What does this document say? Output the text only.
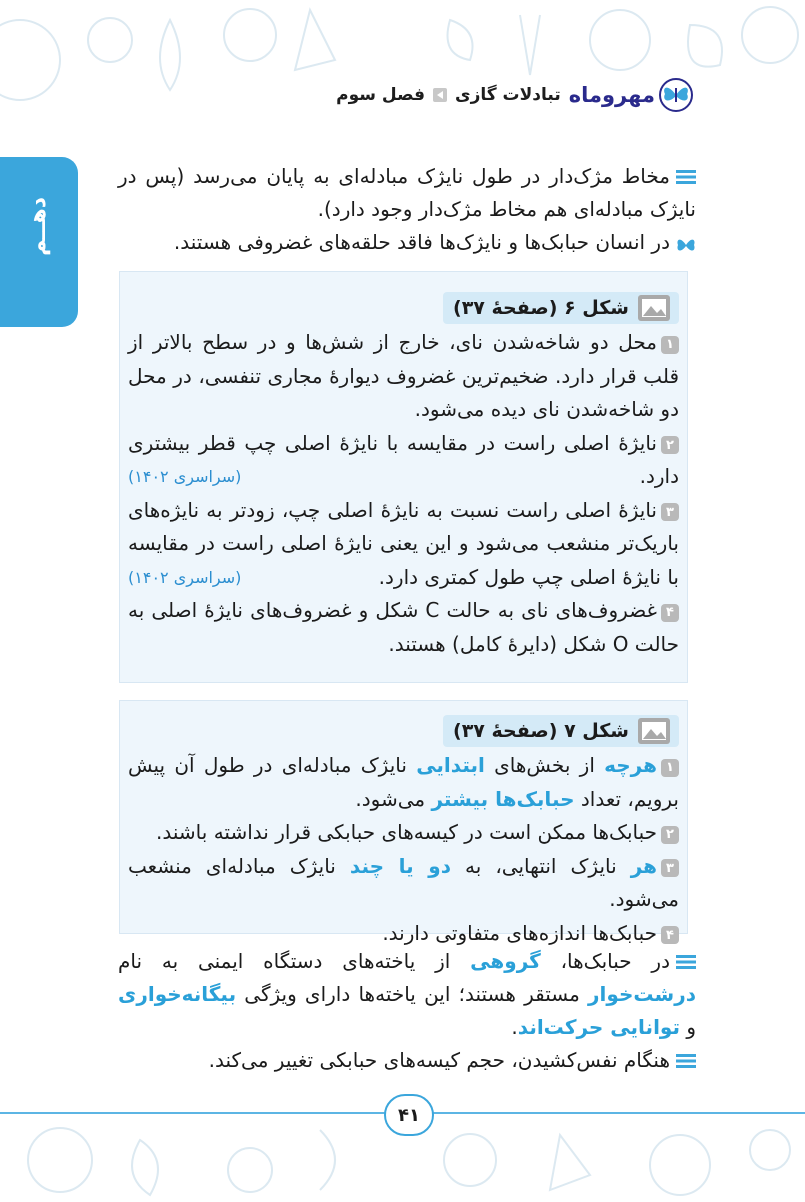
مهروماه
تبادلات گازی
فصل سوم
دهــم

مخاط مژک‌دار در طول نایژک مبادله‌ای به پایان می‌رسد (پس در نایژک مبادله‌ای هم مخاط مژک‌دار وجود دارد).

در انسان حبابک‌ها و نایژک‌ها فاقد حلقه‌های غضروفی هستند.

شکل ۶ (صفحهٔ ۳۷)
۱محل دو شاخه‌شدن نای، خارج از شش‌ها و در سطح بالاتر از قلب قرار دارد. ضخیم‌ترین غضروف دیوارهٔ مجاری تنفسی، در محل دو شاخه‌شدن نای دیده می‌شود.
۲نایژهٔ اصلی راست در مقایسه با نایژهٔ اصلی چپ قطر بیشتری دارد.
(سراسری ۱۴۰۲)
۳نایژهٔ اصلی راست نسبت به نایژهٔ اصلی چپ، زودتر به نایژه‌های باریک‌تر منشعب می‌شود و این یعنی نایژهٔ اصلی راست در مقایسه با نایژهٔ اصلی چپ طول کمتری دارد.
(سراسری ۱۴۰۲)
۴غضروف‌های نای به حالت C شکل و غضروف‌های نایژهٔ اصلی به حالت O شکل (دایرهٔ کامل) هستند.
شکل ۷ (صفحهٔ ۳۷)
۱هرچه از بخش‌های ابتدایی نایژک مبادله‌ای در طول آن پیش برویم، تعداد حبابک‌ها بیشتر می‌شود.
۲حبابک‌ها ممکن است در کیسه‌های حبابکی قرار نداشته باشند.
۳هر نایژک انتهایی، به دو یا چند نایژک مبادله‌ای منشعب می‌شود.
۴حبابک‌ها اندازه‌های متفاوتی دارند.

در حبابک‌ها، گروهی از یاخته‌های دستگاه ایمنی به نام درشت‌خوار مستقر هستند؛ این یاخته‌ها دارای ویژگی بیگانه‌خواری و توانایی حرکت‌اند.

هنگام نفس‌کشیدن، حجم کیسه‌های حبابکی تغییر می‌کند.

۴۱
